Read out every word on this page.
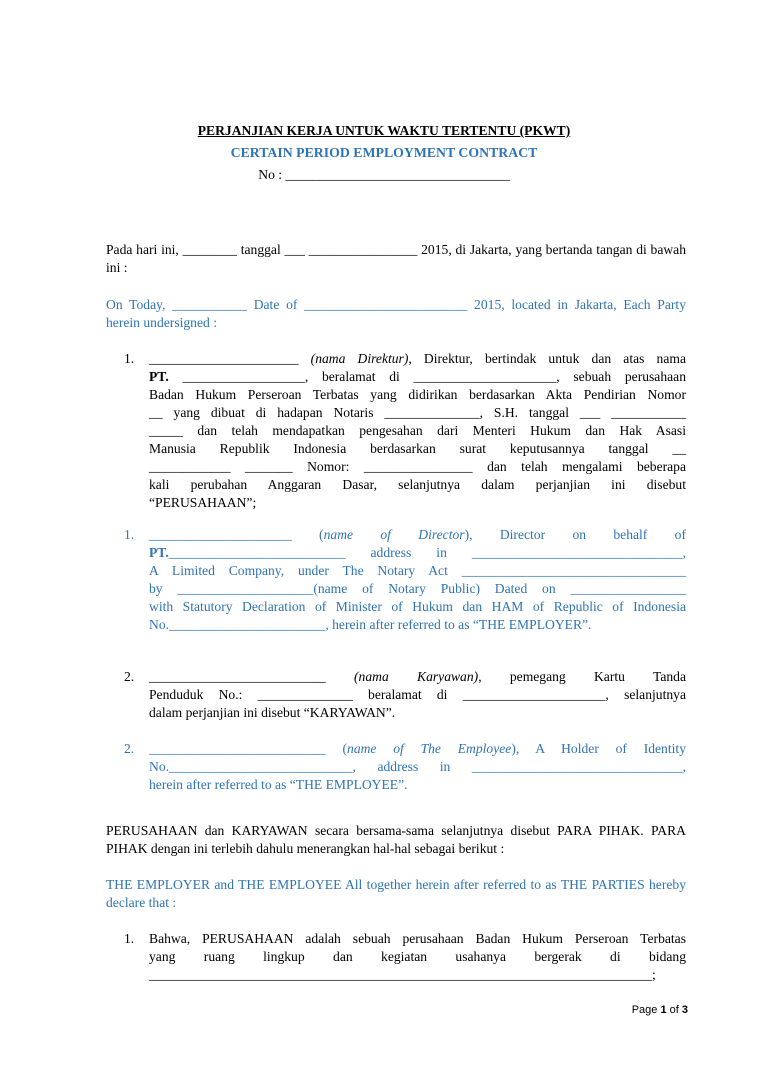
PERJANJIAN KERJA UNTUK WAKTU TERTENTU (PKWT)
CERTAIN PERIOD EMPLOYMENT CONTRACT
No : _________________________________
Pada hari ini, ________ tanggal ___ ________________ 2015, di Jakarta, yang bertanda tangan di bawah ini :
On Today, ___________ Date of ________________________ 2015, located in Jakarta, Each Party herein undersigned :
1.	______________________ (nama Direktur), Direktur, bertindak untuk dan atas nama
PT. __________________, beralamat di _____________________, sebuah perusahaan
Badan Hukum Perseroan Terbatas yang didirikan berdasarkan Akta Pendirian Nomor
__ yang dibuat di hadapan Notaris ______________, S.H. tanggal ___ ___________
_____ dan telah mendapatkan pengesahan dari Menteri Hukum dan Hak Asasi
Manusia Republik Indonesia berdasarkan surat keputusannya tanggal __
____________ _______ Nomor: ________________ dan telah mengalami beberapa
kali perubahan Anggaran Dasar, selanjutnya dalam perjanjian ini disebut
“PERUSAHAAN”;
1.	_____________________ (name of Director), Director on behalf of
PT.__________________________ address in _______________________________,
A Limited Company, under The Notary Act _________________________________
by ____________________(name of Notary Public) Dated on _________________
with Statutory Declaration of Minister of Hukum dan HAM of Republic of Indonesia
No._______________________, herein after referred to as “THE EMPLOYER”.
2.	__________________________ (nama Karyawan), pemegang Kartu Tanda
Penduduk No.: ______________ beralamat di _____________________, selanjutnya
dalam perjanjian ini disebut “KARYAWAN”.
2.	__________________________ (name of The Employee), A Holder of Identity
No.___________________________, address in _______________________________,
herein after referred to as “THE EMPLOYEE”.
PERUSAHAAN dan KARYAWAN secara bersama-sama selanjutnya disebut PARA PIHAK. PARA PIHAK dengan ini terlebih dahulu menerangkan hal-hal sebagai berikut :
THE EMPLOYER and THE EMPLOYEE All together herein after referred to as THE PARTIES hereby declare that :
1.	Bahwa, PERUSAHAAN adalah sebuah perusahaan Badan Hukum Perseroan Terbatas
yang ruang lingkup dan kegiatan usahanya bergerak di bidang
__________________________________________________________________________;
Page 1 of 3
